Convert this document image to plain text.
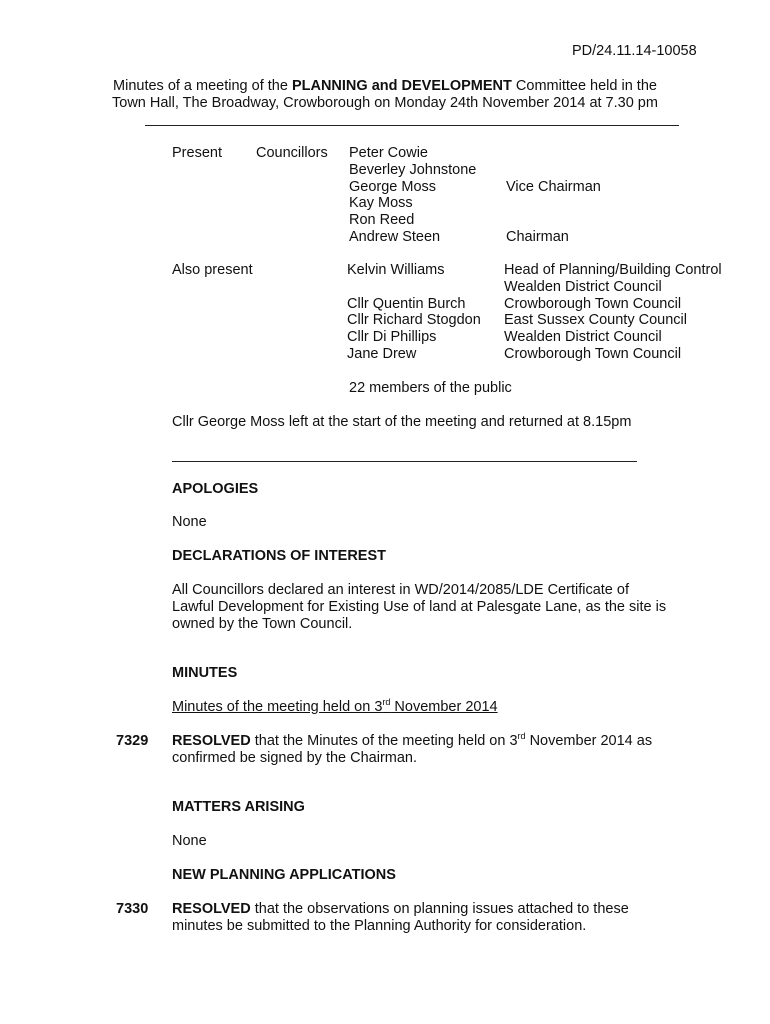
PD/24.11.14-10058
Minutes of a meeting of the PLANNING and DEVELOPMENT Committee held in the
Town Hall, The Broadway, Crowborough on Monday 24th November 2014 at 7.30 pm
Present Councillors Peter Cowie
Beverley Johnstone
George Moss
Kay Moss
Ron Reed
Andrew Steen
Vice Chairman
Chairman
Also present	Kelvin Williams
Cllr Quentin Burch
Cllr Richard Stogdon
Cllr Di Phillips
Jane Drew
Head of Planning/Building Control
Wealden District Council
Crowborough Town Council
East Sussex County Council
Wealden District Council
Crowborough Town Council
22 members of the public
Cllr George Moss left at the start of the meeting and returned at 8.15pm
APOLOGIES
None
DECLARATIONS OF INTEREST
All Councillors declared an interest in WD/2014/2085/LDE Certificate of
Lawful Development for Existing Use of land at Palesgate Lane, as the site is
owned by the Town Council.
MINUTES
Minutes of the meeting held on 3rd November 2014
7329 RESOLVED that the Minutes of the meeting held on 3rd November 2014 as
confirmed be signed by the Chairman.
MATTERS ARISING
None
NEW PLANNING APPLICATIONS
7330 RESOLVED that the observations on planning issues attached to these
minutes be submitted to the Planning Authority for consideration.
